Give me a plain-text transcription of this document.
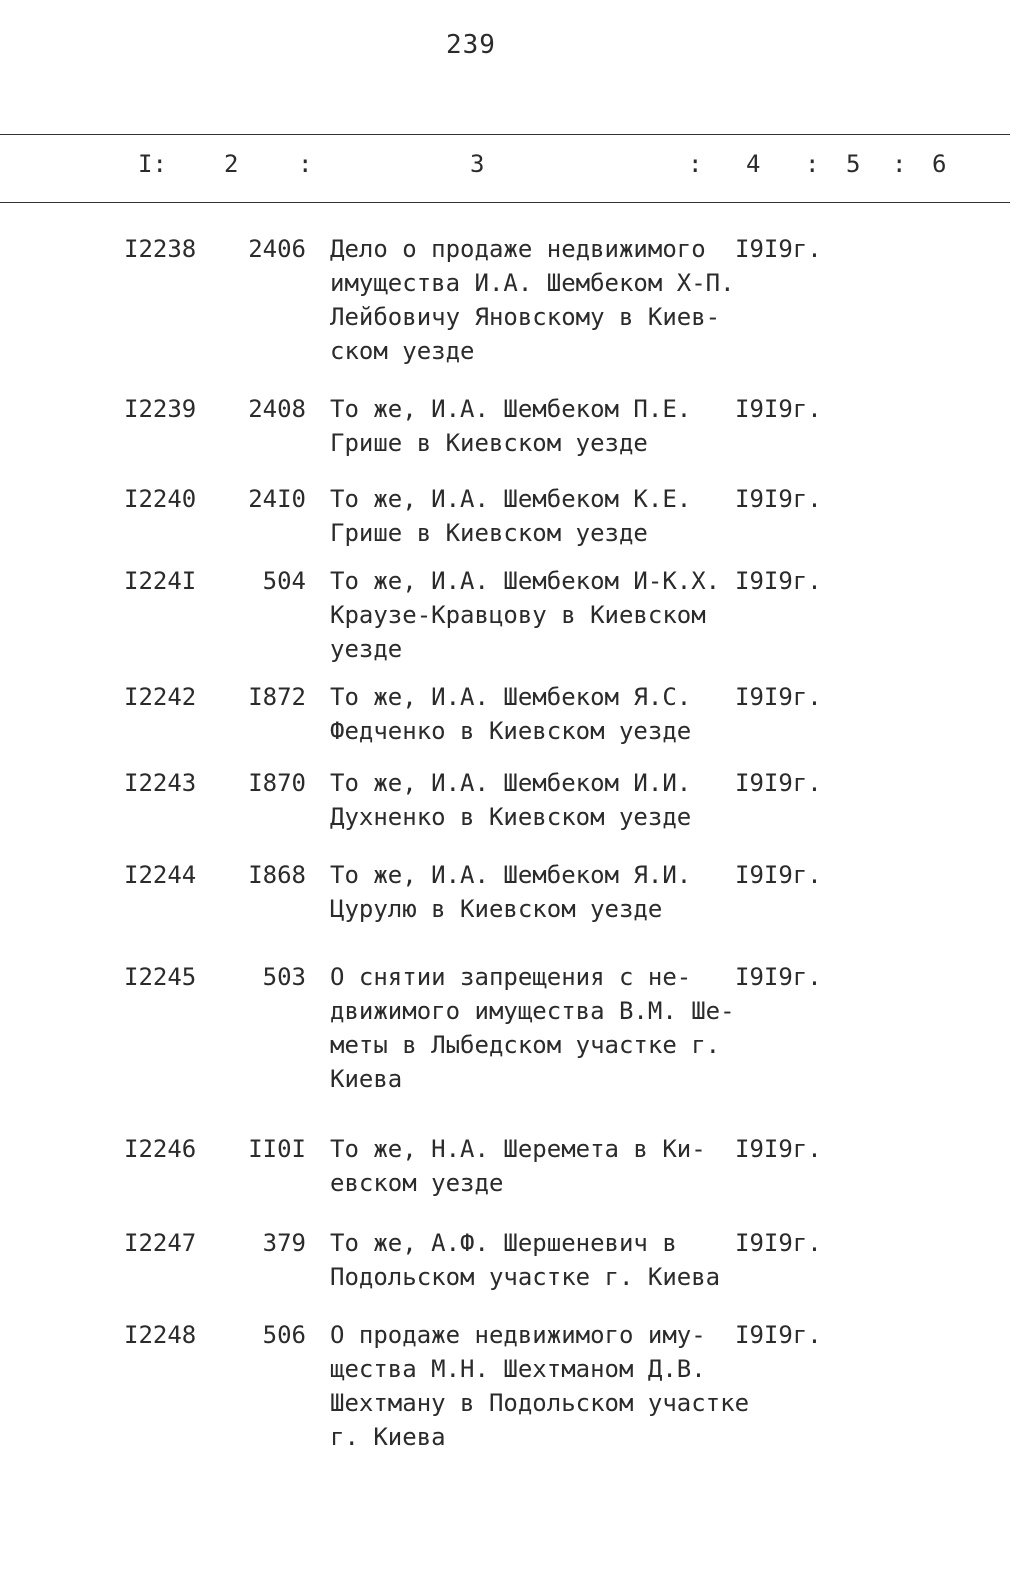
239
I: 2 :	3	: 4 : 5 : 6
I2238	2406 Дело о продаже недвижимого
имущества И.А. Шембеком Х-П.
Лейбовичу Яновскому в Киев-
ском уезде
I9I9г.
I2239	2408 То же, И.А. Шембеком П.Е.
Грише в Киевском уезде
I9I9г.
I2240	24I0 То же, И.А. Шембеком К.Е.
Грише в Киевском уезде
I9I9г.
I224I	504 То же, И.А. Шембеком И-К.Х.
Краузе-Кравцову в Киевском
уезде
I9I9г.
I2242	I872 То же, И.А. Шембеком Я.С.
Федченко в Киевском уезде
I9I9г.
I2243	I870 То же, И.А. Шембеком И.И.
Духненко в Киевском уезде
I9I9г.
I2244	I868 То же, И.А. Шембеком Я.И.
Цурулю в Киевском уезде
I9I9г.
I2245	503 О снятии запрещения с не-
движимого имущества В.М. Ше-
меты в Лыбедском участке г.
Киева
I9I9г.
I2246	II0I То же, Н.А. Шеремета в Ки-
евском уезде
I9I9г.
I2247	379 То же, А.Ф. Шершеневич в
Подольском участке г. Киева
I9I9г.
I2248	506 О продаже недвижимого иму-
щества М.Н. Шехтманом Д.В.
Шехтману в Подольском участке
г. Киева
I9I9г.
